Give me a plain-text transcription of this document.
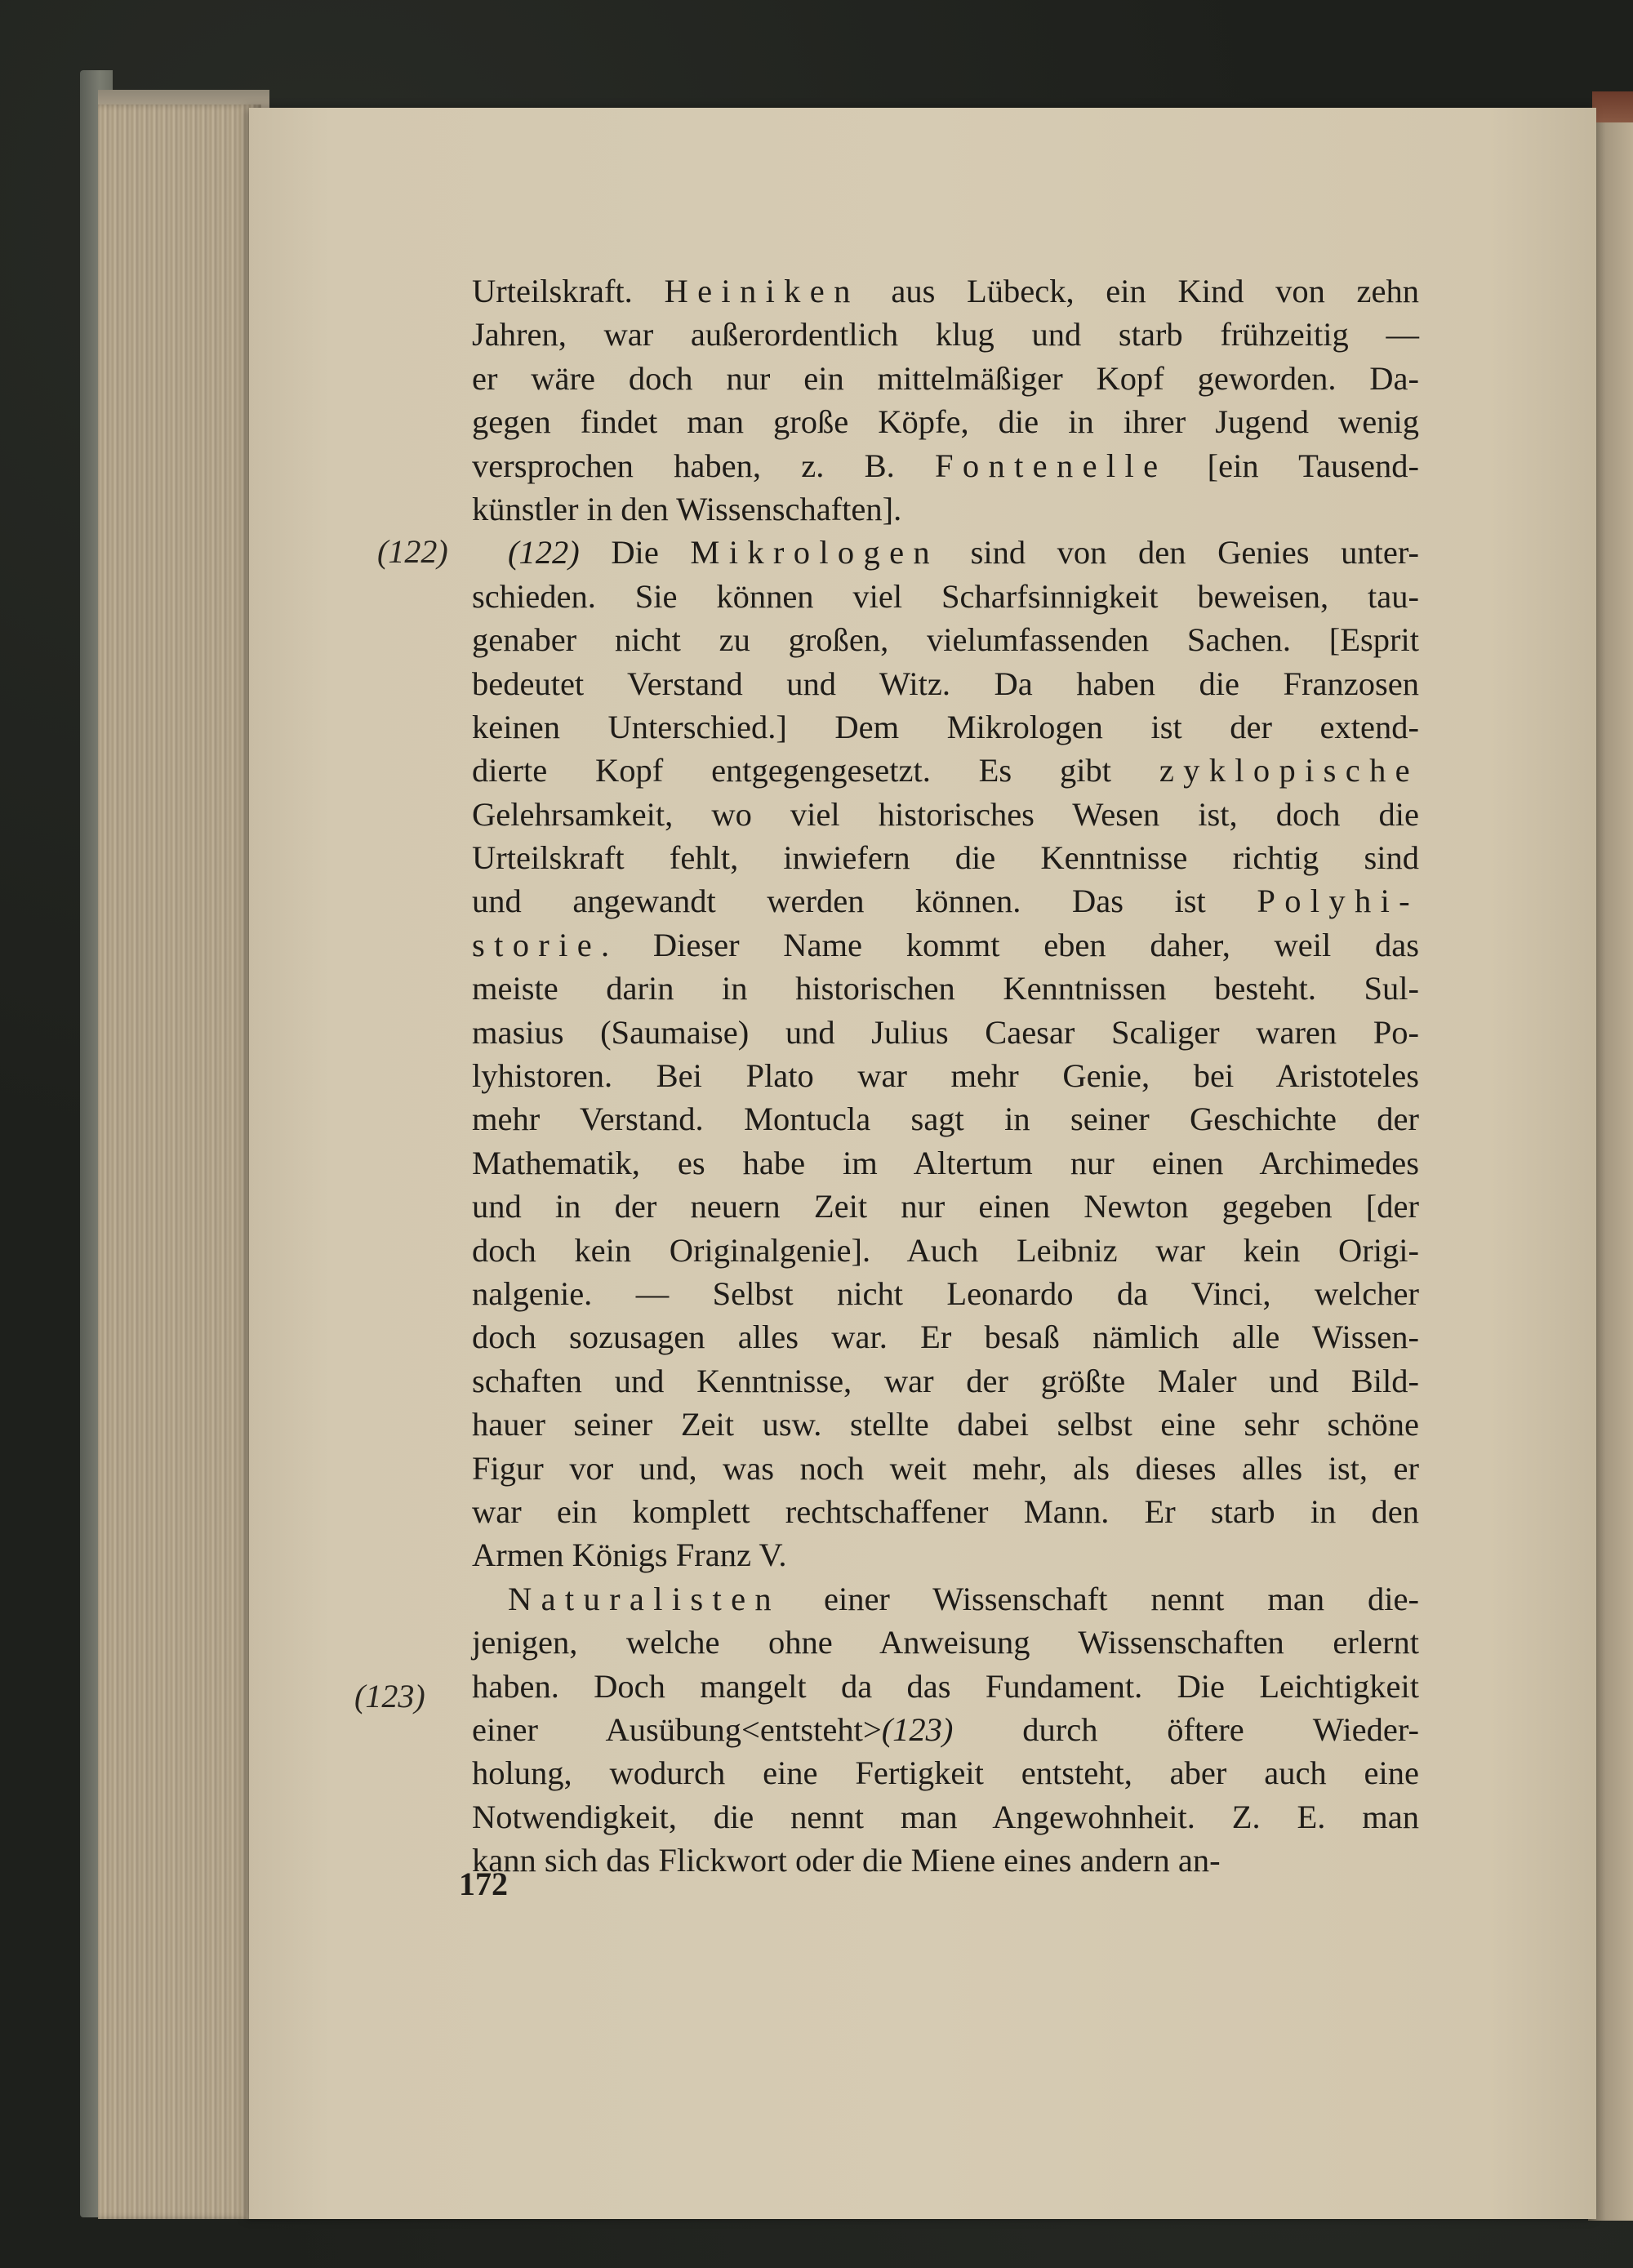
(122)
(123)
Urteilskraft. Heiniken aus Lübeck, ein Kind von zehn
Jahren, war außerordentlich klug und starb frühzeitig —
er wäre doch nur ein mittelmäßiger Kopf geworden. Da-
gegen findet man große Köpfe, die in ihrer Jugend wenig
versprochen haben, z. B. Fontenelle [ein Tausend-
künstler in den Wissenschaften].
(122) Die Mikrologen sind von den Genies unter-
schieden. Sie können viel Scharfsinnigkeit beweisen, tau-
genaber nicht zu großen, vielumfassenden Sachen. [Esprit
bedeutet Verstand und Witz. Da haben die Franzosen
keinen Unterschied.] Dem Mikrologen ist der extend-
dierte Kopf entgegengesetzt. Es gibt zyklopische
Gelehrsamkeit, wo viel historisches Wesen ist, doch die
Urteilskraft fehlt, inwiefern die Kenntnisse richtig sind
und angewandt werden können. Das ist Polyhi-
storie. Dieser Name kommt eben daher, weil das
meiste darin in historischen Kenntnissen besteht. Sul-
masius (Saumaise) und Julius Caesar Scaliger waren Po-
lyhistoren. Bei Plato war mehr Genie, bei Aristoteles
mehr Verstand. Montucla sagt in seiner Geschichte der
Mathematik, es habe im Altertum nur einen Archimedes
und in der neuern Zeit nur einen Newton gegeben [der
doch kein Originalgenie]. Auch Leibniz war kein Origi-
nalgenie. — Selbst nicht Leonardo da Vinci, welcher
doch sozusagen alles war. Er besaß nämlich alle Wissen-
schaften und Kenntnisse, war der größte Maler und Bild-
hauer seiner Zeit usw. stellte dabei selbst eine sehr schöne
Figur vor und, was noch weit mehr, als dieses alles ist, er
war ein komplett rechtschaffener Mann. Er starb in den
Armen Königs Franz V.
Naturalisten einer Wissenschaft nennt man die-
jenigen, welche ohne Anweisung Wissenschaften erlernt
haben. Doch mangelt da das Fundament. Die Leichtigkeit
einer Ausübung<entsteht>(123) durch öftere Wieder-
holung, wodurch eine Fertigkeit entsteht, aber auch eine
Notwendigkeit, die nennt man Angewohnheit. Z. E. man
kann sich das Flickwort oder die Miene eines andern an-
172
